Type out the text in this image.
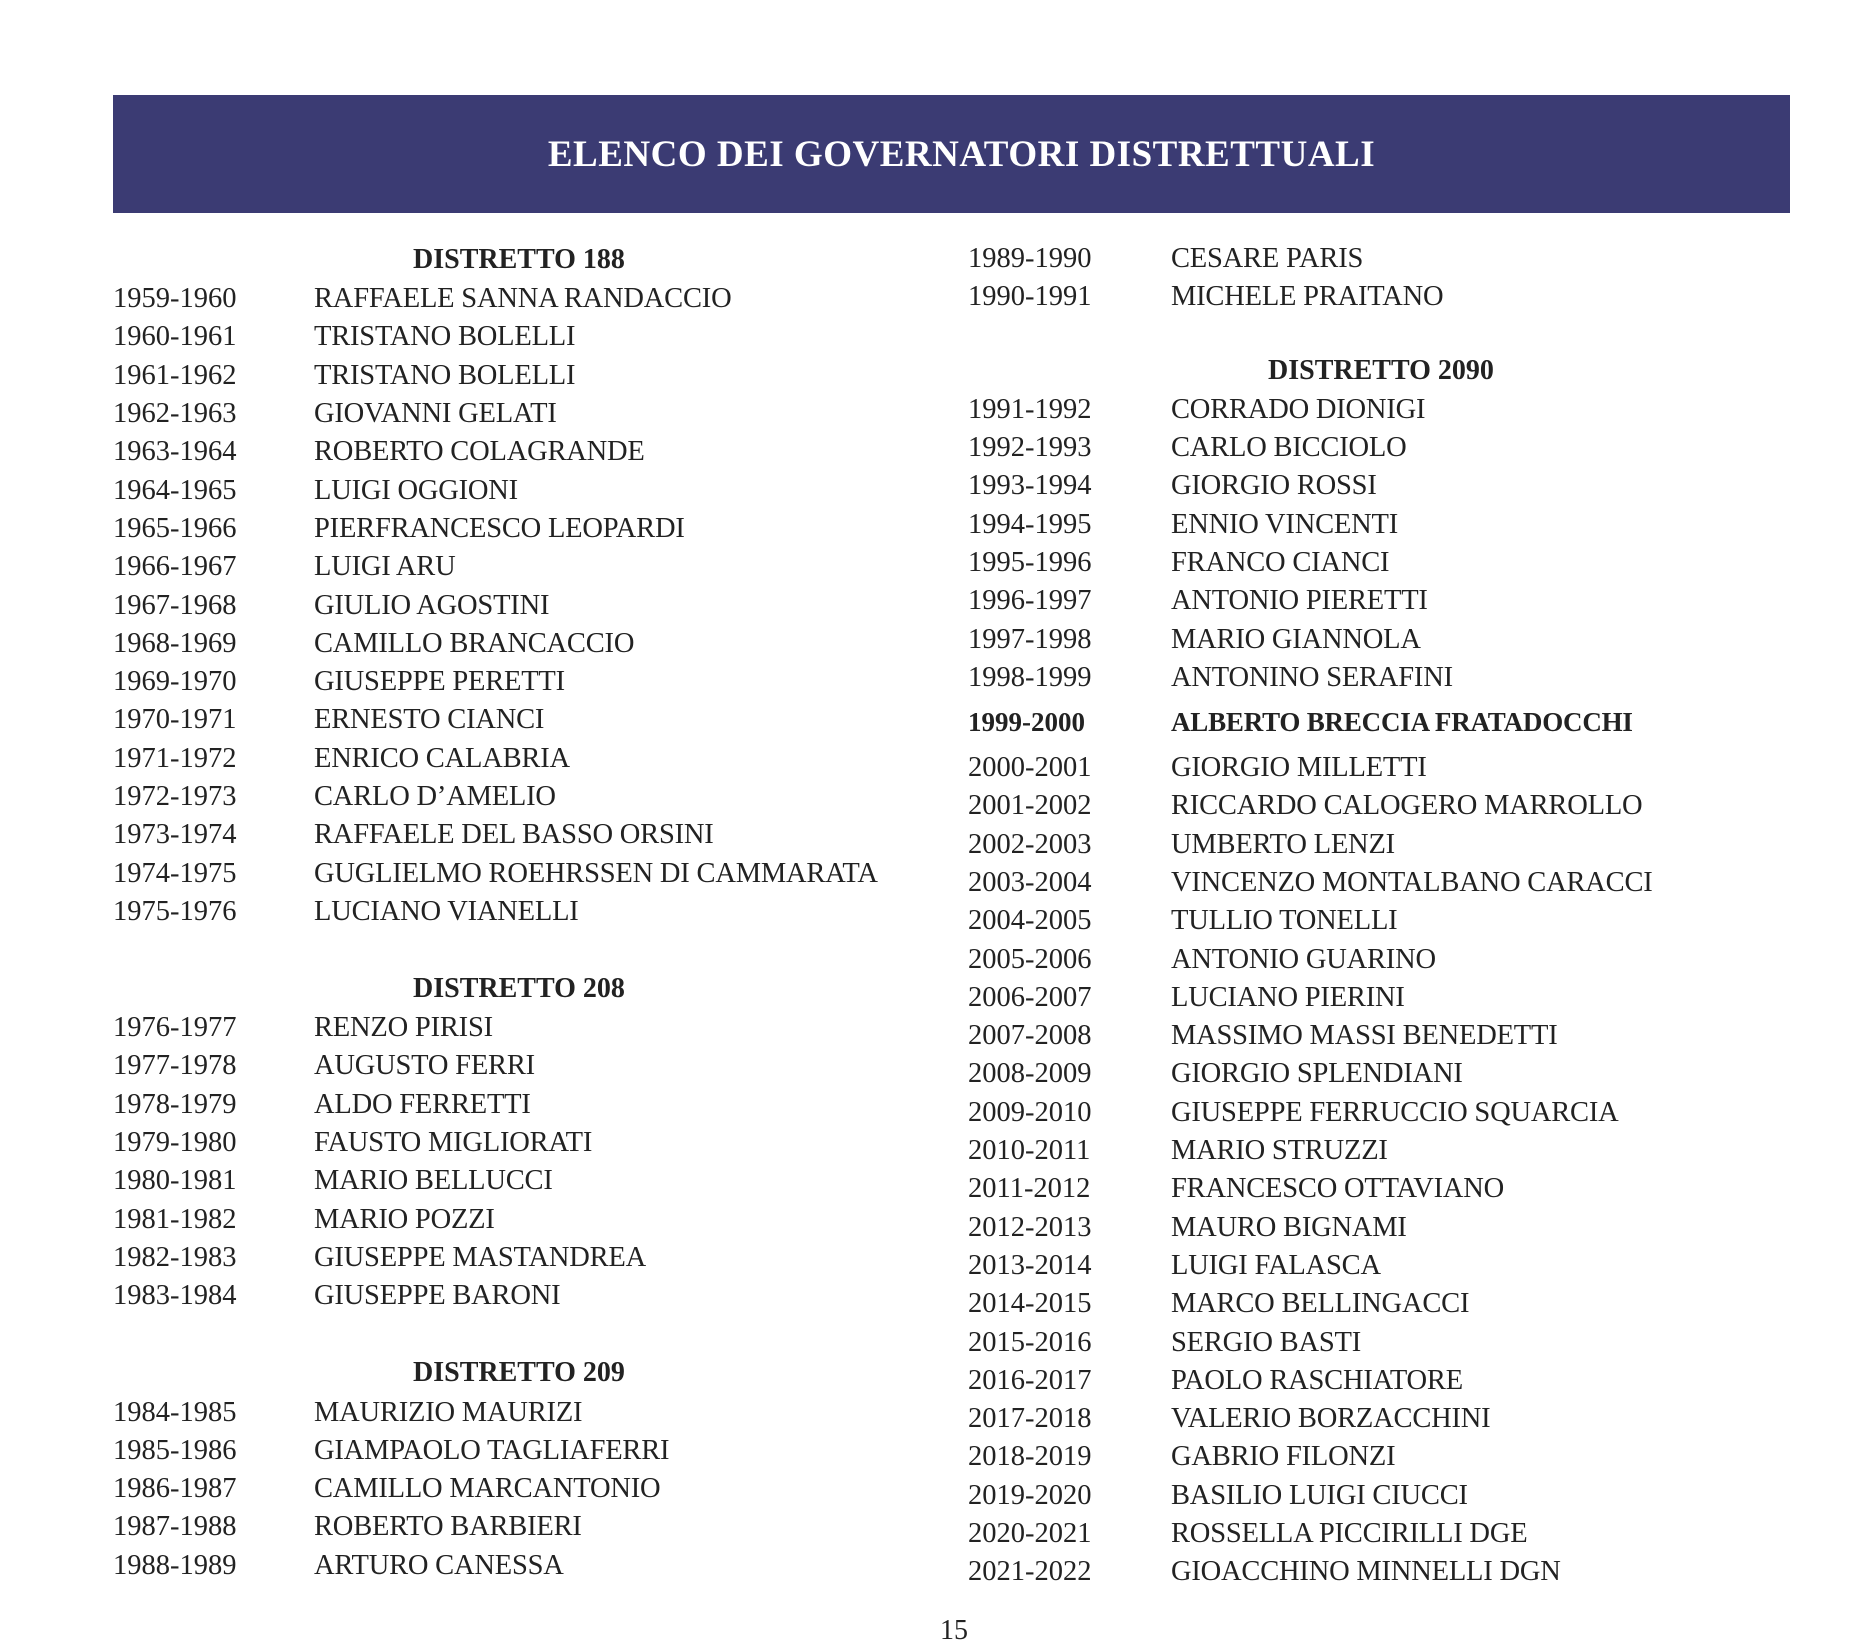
ELENCO DEI GOVERNATORI DISTRETTUALI
DISTRETTO 188
1959-1960	RAFFAELE SANNA RANDACCIO
1960-1961	TRISTANO BOLELLI
1961-1962	TRISTANO BOLELLI
1962-1963	GIOVANNI GELATI
1963-1964	ROBERTO COLAGRANDE
1964-1965	LUIGI OGGIONI
1965-1966	PIERFRANCESCO LEOPARDI
1966-1967	LUIGI ARU
1967-1968	GIULIO AGOSTINI
1968-1969	CAMILLO BRANCACCIO
1969-1970	GIUSEPPE PERETTI
1970-1971	ERNESTO CIANCI
1971-1972	ENRICO CALABRIA
1972-1973	CARLO D’AMELIO
1973-1974	RAFFAELE DEL BASSO ORSINI
1974-1975	GUGLIELMO ROEHRSSEN DI CAMMARATA
1975-1976	LUCIANO VIANELLI
DISTRETTO 208
1976-1977	RENZO PIRISI
1977-1978	AUGUSTO FERRI
1978-1979	ALDO FERRETTI
1979-1980	FAUSTO MIGLIORATI
1980-1981	MARIO BELLUCCI
1981-1982	MARIO POZZI
1982-1983	GIUSEPPE MASTANDREA
1983-1984	GIUSEPPE BARONI
DISTRETTO 209
1984-1985	MAURIZIO MAURIZI
1985-1986	GIAMPAOLO TAGLIAFERRI
1986-1987	CAMILLO MARCANTONIO
1987-1988	ROBERTO BARBIERI
1988-1989	ARTURO CANESSA
1989-1990	CESARE PARIS
1990-1991	MICHELE PRAITANO
DISTRETTO 2090
1991-1992	CORRADO DIONIGI
1992-1993	CARLO BICCIOLO
1993-1994	GIORGIO ROSSI
1994-1995	ENNIO VINCENTI
1995-1996	FRANCO CIANCI
1996-1997	ANTONIO PIERETTI
1997-1998	MARIO GIANNOLA
1998-1999	ANTONINO SERAFINI
1999-2000	ALBERTO BRECCIA FRATADOCCHI
2000-2001	GIORGIO MILLETTI
2001-2002	RICCARDO CALOGERO MARROLLO
2002-2003	UMBERTO LENZI
2003-2004	VINCENZO MONTALBANO CARACCI
2004-2005	TULLIO TONELLI
2005-2006	ANTONIO GUARINO
2006-2007	LUCIANO PIERINI
2007-2008	MASSIMO MASSI BENEDETTI
2008-2009	GIORGIO SPLENDIANI
2009-2010	GIUSEPPE FERRUCCIO SQUARCIA
2010-2011	MARIO STRUZZI
2011-2012	FRANCESCO OTTAVIANO
2012-2013	MAURO BIGNAMI
2013-2014	LUIGI FALASCA
2014-2015	MARCO BELLINGACCI
2015-2016	SERGIO BASTI
2016-2017	PAOLO RASCHIATORE
2017-2018	VALERIO BORZACCHINI
2018-2019	GABRIO FILONZI
2019-2020	BASILIO LUIGI CIUCCI
2020-2021	ROSSELLA PICCIRILLI DGE
2021-2022	GIOACCHINO MINNELLI DGN
15
